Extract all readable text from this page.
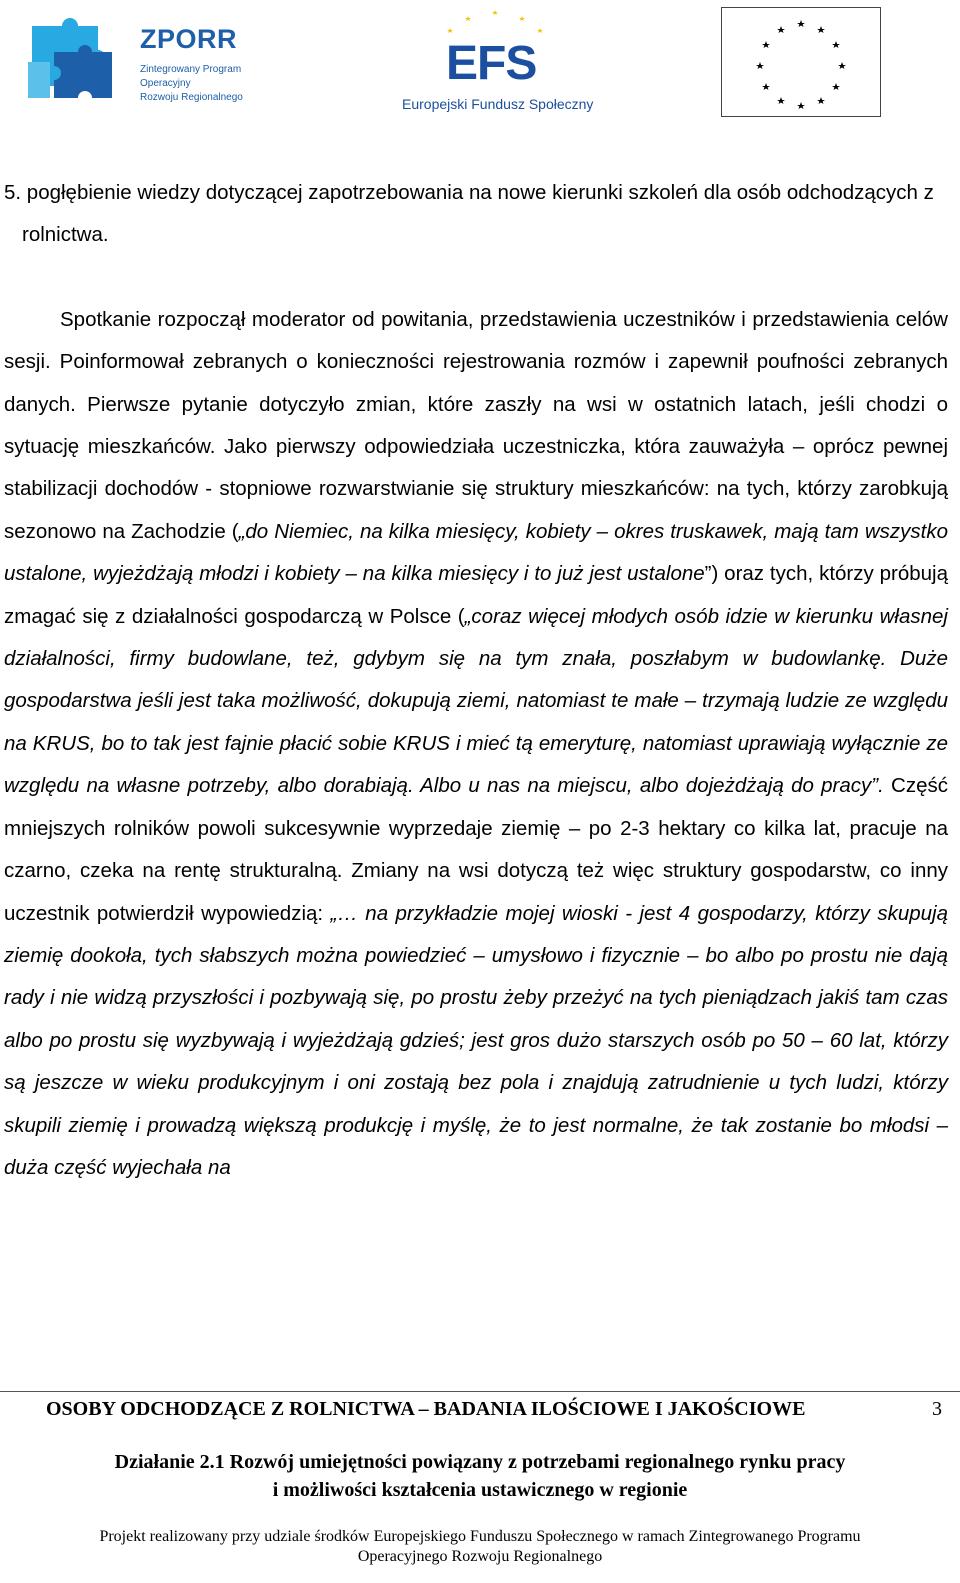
ZPORR
Zintegrowany Program
Operacyjny
Rozwoju Regionalnego
EFS
Europejski Fundusz Społeczny

5. pogłębienie wiedzy dotyczącej zapotrzebowania na nowe kierunki szkoleń dla osób odchodzących z rolnictwa.

Spotkanie rozpoczął moderator od powitania, przedstawienia uczestników i przedstawienia celów sesji. Poinformował zebranych o konieczności rejestrowania rozmów i zapewnił poufności zebranych danych. Pierwsze pytanie dotyczyło zmian, które zaszły na wsi w ostatnich latach, jeśli chodzi o sytuację mieszkańców. Jako pierwszy odpowiedziała uczestniczka, która zauważyła – oprócz pewnej stabilizacji dochodów - stopniowe rozwarstwianie się struktury mieszkańców: na tych, którzy zarobkują sezonowo na Zachodzie („do Niemiec, na kilka miesięcy, kobiety – okres truskawek, mają tam wszystko ustalone, wyjeżdżają młodzi i kobiety – na kilka miesięcy i to już jest ustalone”) oraz tych, którzy próbują zmagać się z działalności gospodarczą w Polsce („coraz więcej młodych osób idzie w kierunku własnej działalności, firmy budowlane, też, gdybym się na tym znała, poszłabym w budowlankę. Duże gospodarstwa jeśli jest taka możliwość, dokupują ziemi, natomiast te małe – trzymają ludzie ze względu na KRUS, bo to tak jest fajnie płacić sobie KRUS i mieć tą emeryturę, natomiast uprawiają wyłącznie ze względu na własne potrzeby, albo dorabiają. Albo u nas na miejscu, albo dojeżdżają do pracy”. Część mniejszych rolników powoli sukcesywnie wyprzedaje ziemię – po 2-3 hektary co kilka lat, pracuje na czarno, czeka na rentę strukturalną. Zmiany na wsi dotyczą też więc struktury gospodarstw, co inny uczestnik potwierdził wypowiedzią: „… na przykładzie mojej wioski - jest 4 gospodarzy, którzy skupują ziemię dookoła, tych słabszych można powiedzieć – umysłowo i fizycznie – bo albo po prostu nie dają rady i nie widzą przyszłości i pozbywają się, po prostu żeby przeżyć na tych pieniądzach jakiś tam czas albo po prostu się wyzbywają i wyjeżdżają gdzieś; jest gros dużo starszych osób po 50 – 60 lat, którzy są jeszcze w wieku produkcyjnym i oni zostają bez pola i znajdują zatrudnienie u tych ludzi, którzy skupili ziemię i prowadzą większą produkcję i myślę, że to jest normalne, że tak zostanie bo młodsi – duża część wyjechała na

OSOBY ODCHODZĄCE Z ROLNICTWA – BADANIA ILOŚCIOWE I JAKOŚCIOWE	3
Działanie 2.1 Rozwój umiejętności powiązany z potrzebami regionalnego rynku pracy
i możliwości kształcenia ustawicznego w regionie
Projekt realizowany przy udziale środków Europejskiego Funduszu Społecznego w ramach Zintegrowanego Programu
Operacyjnego Rozwoju Regionalnego
